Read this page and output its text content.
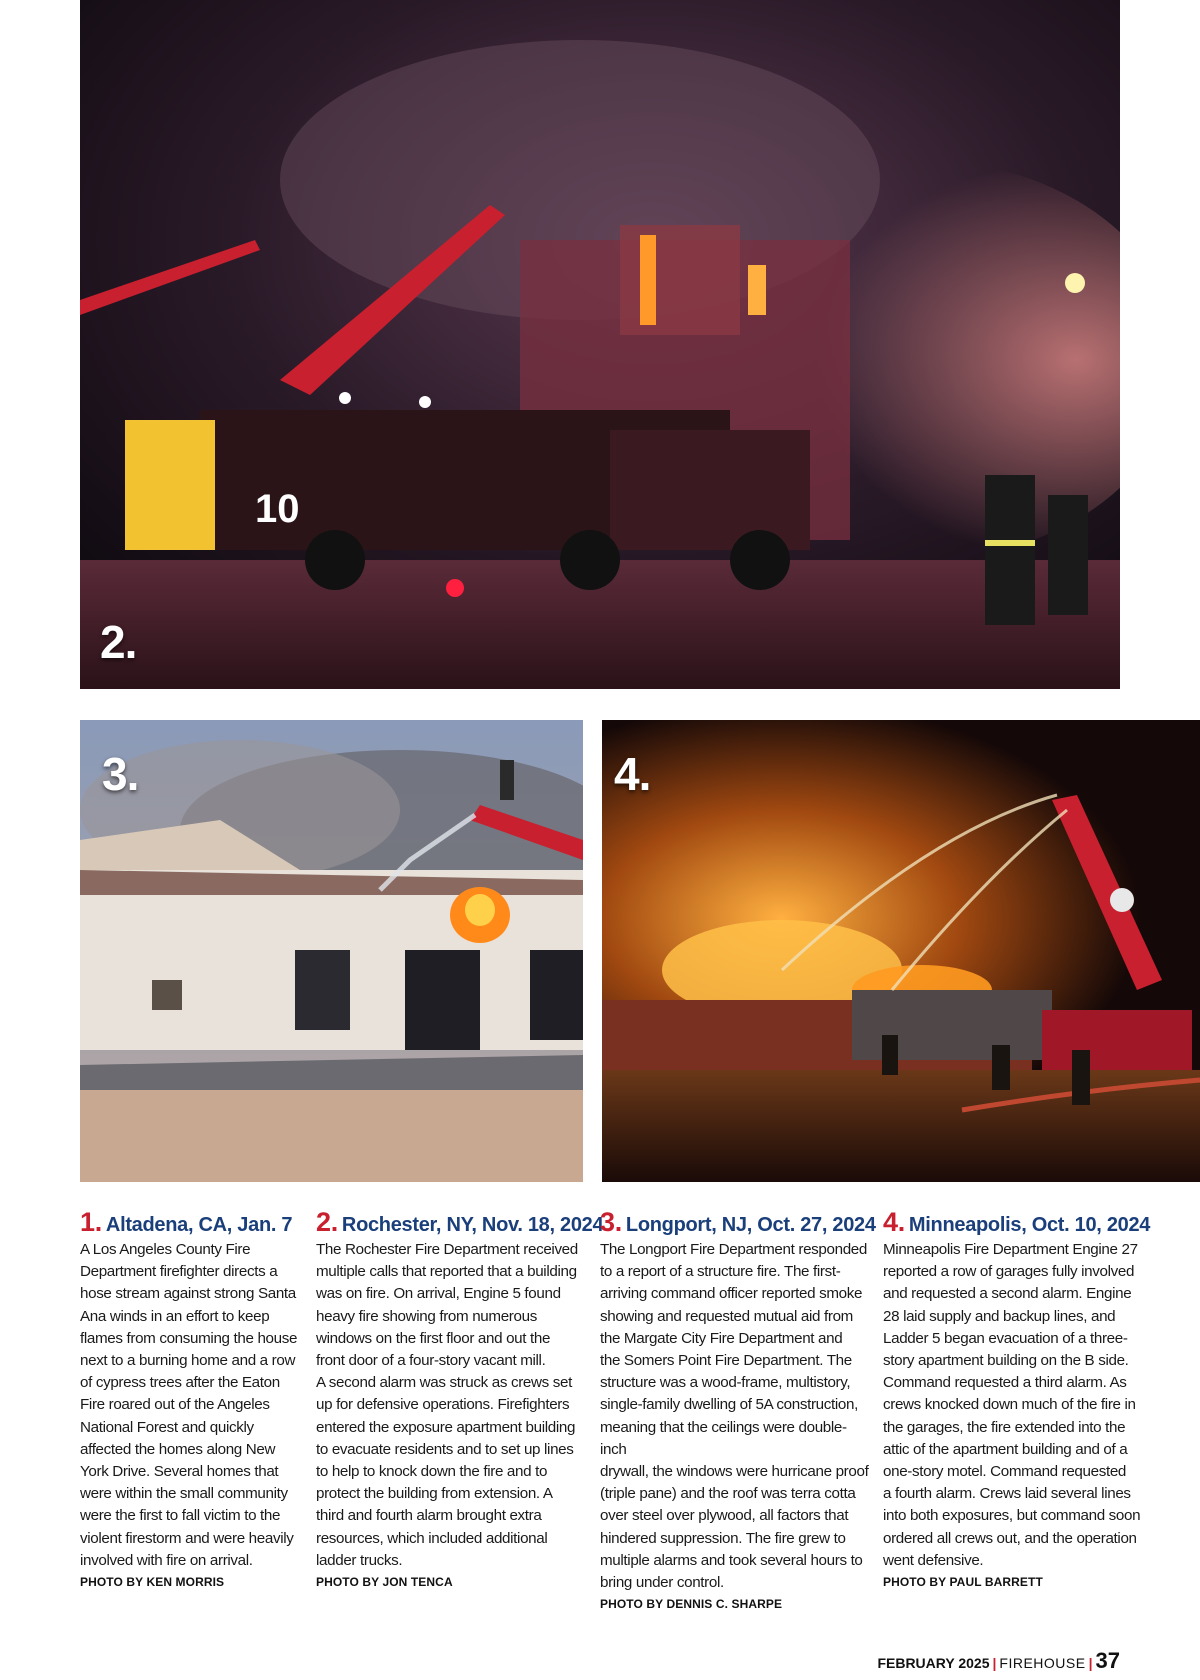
10
2.
3.	4.
1. Altadena, CA, Jan. 7
A Los Angeles County Fire
Department firefighter directs a
hose stream against strong Santa
Ana winds in an effort to keep
flames from consuming the house
next to a burning home and a row
of cypress trees after the Eaton
Fire roared out of the Angeles
National Forest and quickly
affected the homes along New
York Drive. Several homes that
were within the small community
were the first to fall victim to the
violent firestorm and were heavily
involved with fire on arrival.
PHOTO BY KEN MORRIS
2. Rochester, NY, Nov. 18, 2024
The Rochester Fire Department received
multiple calls that reported that a building
was on fire. On arrival, Engine 5 found
heavy fire showing from numerous
windows on the first floor and out the
front door of a four-story vacant mill.
A second alarm was struck as crews set
up for defensive operations. Firefighters
entered the exposure apartment building
to evacuate residents and to set up lines
to help to knock down the fire and to
protect the building from extension. A
third and fourth alarm brought extra
resources, which included additional
ladder trucks.
PHOTO BY JON TENCA
3. Longport, NJ, Oct. 27, 2024
The Longport Fire Department responded
to a report of a structure fire. The first-
arriving command officer reported smoke
showing and requested mutual aid from
the Margate City Fire Department and
the Somers Point Fire Department. The
structure was a wood-frame, multistory,
single-family dwelling of 5A construction,
meaning that the ceilings were double-inch
drywall, the windows were hurricane proof
(triple pane) and the roof was terra cotta
over steel over plywood, all factors that
hindered suppression. The fire grew to
multiple alarms and took several hours to
bring under control.
PHOTO BY DENNIS C. SHARPE
4. Minneapolis, Oct. 10, 2024
Minneapolis Fire Department Engine 27
reported a row of garages fully involved
and requested a second alarm. Engine
28 laid supply and backup lines, and
Ladder 5 began evacuation of a three-
story apartment building on the B side.
Command requested a third alarm. As
crews knocked down much of the fire in
the garages, the fire extended into the
attic of the apartment building and of a
one-story motel. Command requested
a fourth alarm. Crews laid several lines
into both exposures, but command soon
ordered all crews out, and the operation
went defensive.
PHOTO BY PAUL BARRETT
FEBRUARY 2025 | FIREHOUSE | 37
